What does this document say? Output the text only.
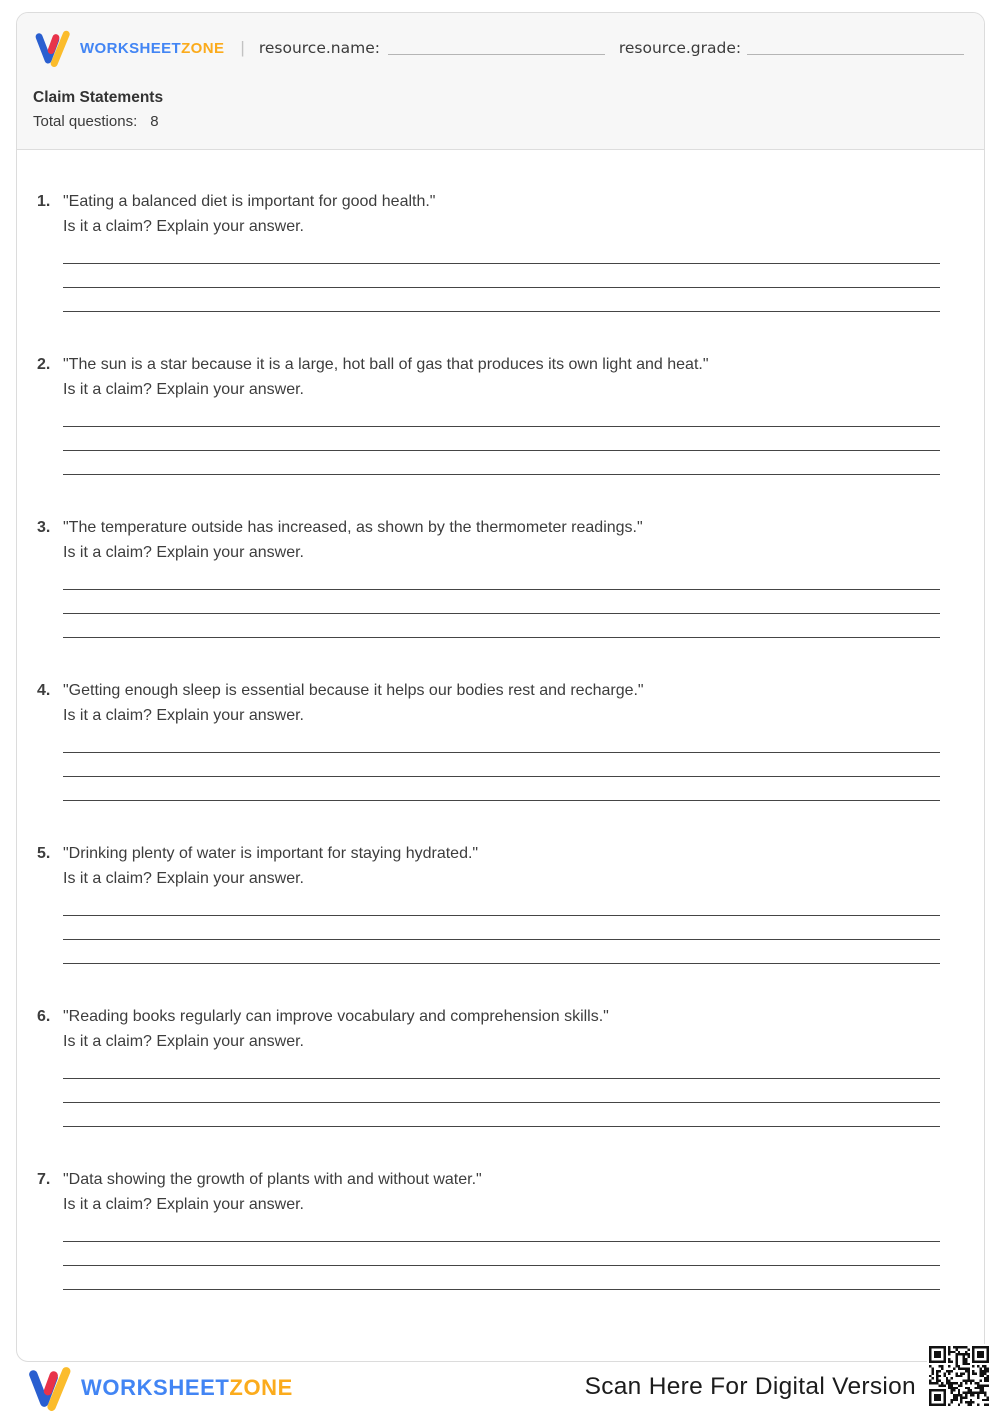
WORKSHEETZONE | resource.name:	resource.grade:
Claim Statements
Total questions: 8
1. "Eating a balanced diet is important for good health."
Is it a claim? Explain your answer.
2. "The sun is a star because it is a large, hot ball of gas that produces its own light and heat."
Is it a claim? Explain your answer.
3. "The temperature outside has increased, as shown by the thermometer readings."
Is it a claim? Explain your answer.
4. "Getting enough sleep is essential because it helps our bodies rest and recharge."
Is it a claim? Explain your answer.
5. "Drinking plenty of water is important for staying hydrated."
Is it a claim? Explain your answer.
6. "Reading books regularly can improve vocabulary and comprehension skills."
Is it a claim? Explain your answer.
7. "Data showing the growth of plants with and without water."
Is it a claim? Explain your answer.
WORKSHEETZONE	Scan Here For Digital Version
